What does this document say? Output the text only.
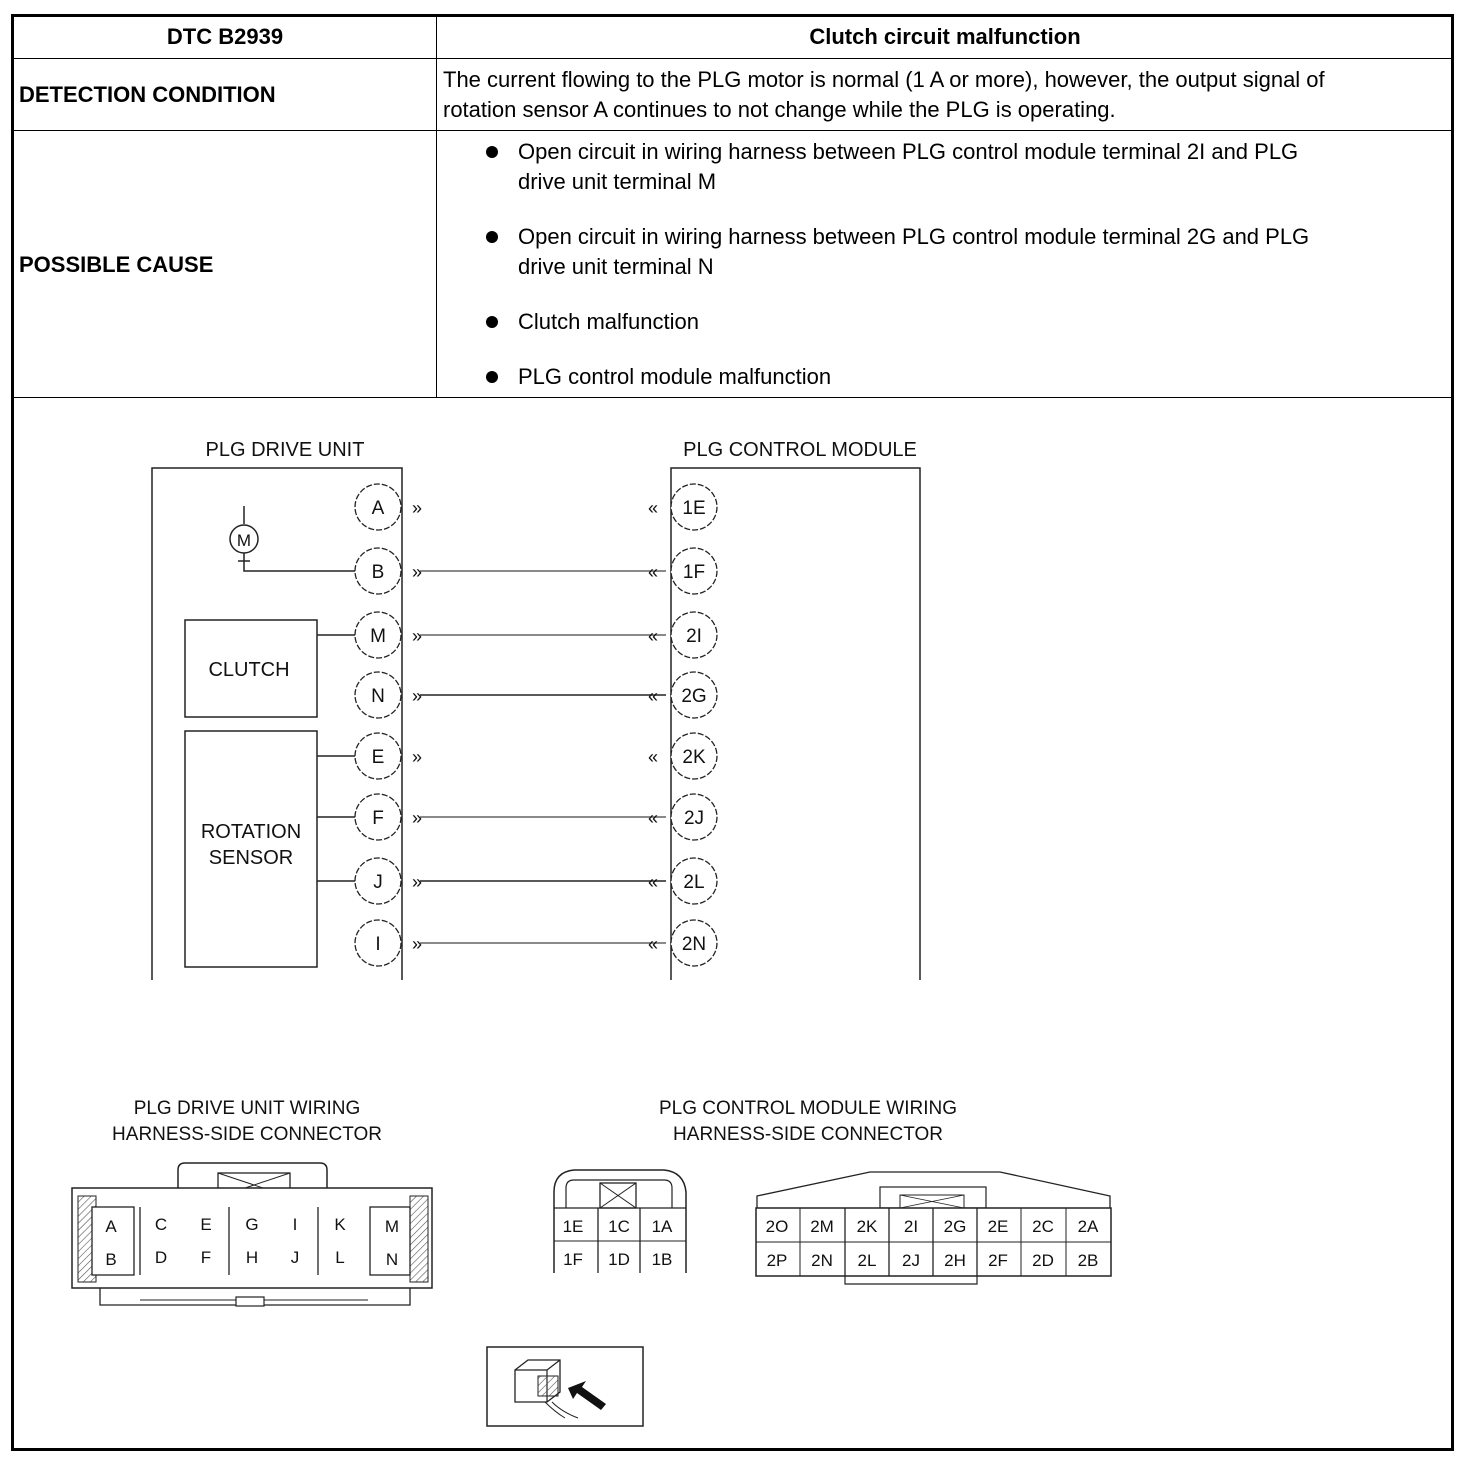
DTC B2939	Clutch circuit malfunction
DETECTION CONDITION
The current flowing to the PLG motor is normal (1 A or more), however, the output signal of
rotation sensor A continues to not change while the PLG is operating.
POSSIBLE CAUSE
Open circuit in wiring harness between PLG control module terminal 2I and PLG
drive unit terminal M
Open circuit in wiring harness between PLG control module terminal 2G and PLG
drive unit terminal N
Clutch malfunction
PLG control module malfunction
PLG DRIVE UNIT	PLG CONTROL MODULE
M
CLUTCH
ROTATION
SENSOR
A »
B »
M »
N »
E »
F »
J »
I »
1E
«
1F
«
2I
«
2G
«
2K
«
2J
«
2L
«
2N
«
PLG DRIVE UNIT WIRING
HARNESS-SIDE CONNECTOR
A C E G I K M
B D F H J L N
PLG CONTROL MODULE WIRING
HARNESS-SIDE CONNECTOR
1E 1C 1A
1F 1D 1B
2O 2M 2K 2I 2G 2E 2C 2A
2P 2N 2L 2J 2H 2F 2D 2B
